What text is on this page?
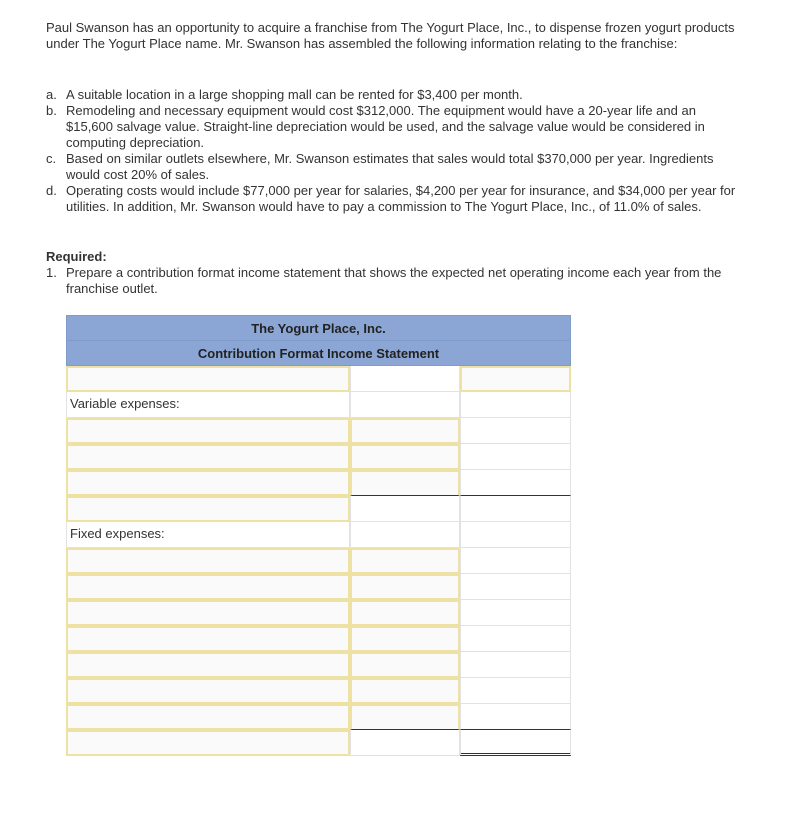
Paul Swanson has an opportunity to acquire a franchise from The Yogurt Place, Inc., to dispense frozen yogurt products under The Yogurt Place name. Mr. Swanson has assembled the following information relating to the franchise:

a. A suitable location in a large shopping mall can be rented for $3,400 per month.
b. Remodeling and necessary equipment would cost $312,000. The equipment would have a 20-year life and an $15,600 salvage value. Straight-line depreciation would be used, and the salvage value would be considered in computing depreciation.
c. Based on similar outlets elsewhere, Mr. Swanson estimates that sales would total $370,000 per year. Ingredients would cost 20% of sales.
d. Operating costs would include $77,000 per year for salaries, $4,200 per year for insurance, and $34,000 per year for utilities. In addition, Mr. Swanson would have to pay a commission to The Yogurt Place, Inc., of 11.0% of sales.
Required:
1. Prepare a contribution format income statement that shows the expected net operating income each year from the franchise outlet.
The Yogurt Place, Inc.
Contribution Format Income Statement
Variable expenses:
Fixed expenses:
